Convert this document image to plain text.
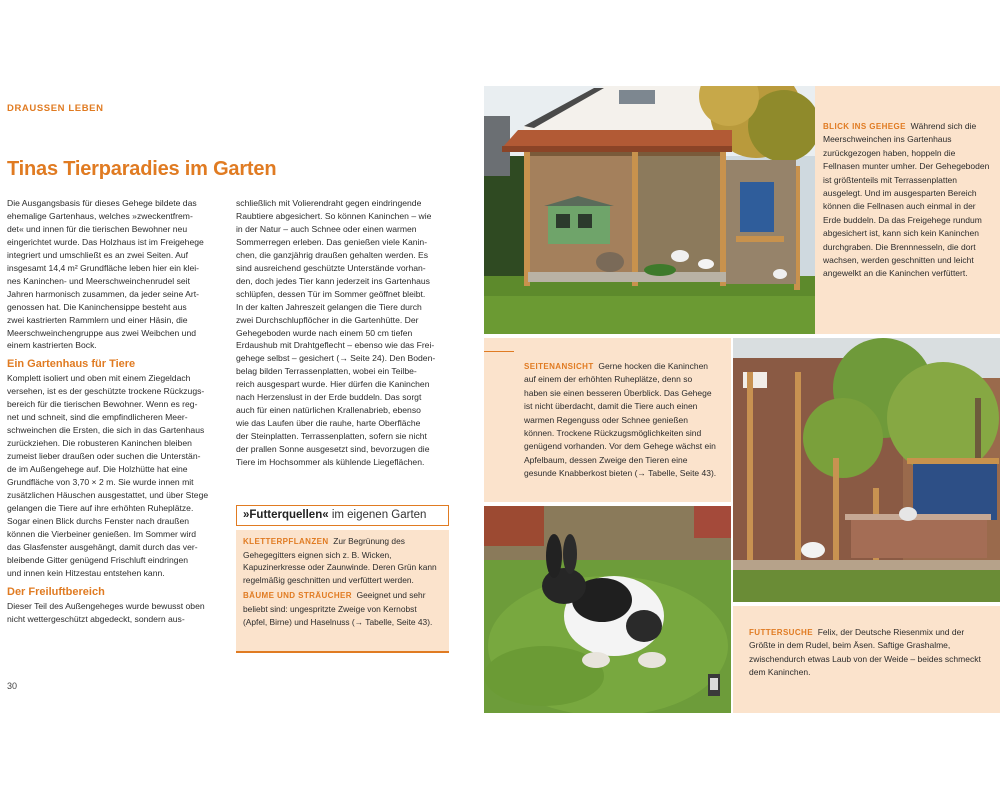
DRAUSSEN LEBEN
Tinas Tierparadies im Garten
Die Ausgangsbasis für dieses Gehege bildete das
ehemalige Gartenhaus, welches »zweckentfrem-
det« und innen für die tierischen Bewohner neu
eingerichtet wurde. Das Holzhaus ist im Freigehege
integriert und umschließt es an zwei Seiten. Auf
insgesamt 14,4 m² Grundfläche leben hier ein klei-
nes Kaninchen- und Meerschweinchenrudel seit
Jahren harmonisch zusammen, da jeder seine Art-
genossen hat. Die Kaninchensippe besteht aus
zwei kastrierten Rammlern und einer Häsin, die
Meerschweinchengruppe aus zwei Weibchen und
einem kastrierten Bock.
Ein Gartenhaus für Tiere
Komplett isoliert und oben mit einem Ziegeldach
versehen, ist es der geschützte trockene Rückzugs-
bereich für die tierischen Bewohner. Wenn es reg-
net und schneit, sind die empfindlicheren Meer-
schweinchen die Ersten, die sich in das Gartenhaus
zurückziehen. Die robusteren Kaninchen bleiben
zumeist lieber draußen oder suchen die Unterstän-
de im Außengehege auf. Die Holzhütte hat eine
Grundfläche von 3,70 × 2 m. Sie wurde innen mit
zusätzlichen Häuschen ausgestattet, und über Stege
gelangen die Tiere auf ihre erhöhten Ruheplätze.
Sogar einen Blick durchs Fenster nach draußen
können die Vierbeiner genießen. Im Sommer wird
das Glasfenster ausgehängt, damit durch das ver-
bleibende Gitter genügend Frischluft eindringen
und innen kein Hitzestau entstehen kann.
Der Freiluftbereich
Dieser Teil des Außengeheges wurde bewusst oben
nicht wettergeschützt abgedeckt, sondern aus-
schließlich mit Volierendraht gegen eindringende
Raubtiere abgesichert. So können Kaninchen – wie
in der Natur – auch Schnee oder einen warmen
Sommerregen erleben. Das genießen viele Kanin-
chen, die ganzjährig draußen gehalten werden. Es
sind ausreichend geschützte Unterstände vorhan-
den, doch jedes Tier kann jederzeit ins Gartenhaus
schlüpfen, dessen Tür im Sommer geöffnet bleibt.
In der kalten Jahreszeit gelangen die Tiere durch
zwei Durchschlupflöcher in die Gartenhütte. Der
Gehegeboden wurde nach einem 50 cm tiefen
Erdaushub mit Drahtgeflecht – ebenso wie das Frei-
gehege selbst – gesichert (→ Seite 24). Den Boden-
belag bilden Terrassenplatten, wobei ein Teilbe-
reich ausgespart wurde. Hier dürfen die Kaninchen
nach Herzenslust in der Erde buddeln. Das sorgt
auch für einen natürlichen Krallenabrieb, ebenso
wie das Laufen über die rauhe, harte Oberfläche
der Steinplatten. Terrassenplatten, sofern sie nicht
der prallen Sonne ausgesetzt sind, bevorzugen die
Tiere im Hochsommer als kühlende Liegeflächen.
»Futterquellen« im eigenen Garten

KLETTERPFLANZEN Zur Begrünung des Gehegegitters eignen sich z. B. Wicken, Kapuzinerkresse oder Zaunwinde. Deren Grün kann regelmäßig geschnitten und verfüttert werden.

BÄUME UND STRÄUCHER Geeignet und sehr beliebt sind: ungespritzte Zweige von Kernobst (Apfel, Birne) und Haselnuss (→ Tabelle, Seite 43).

30
BLICK INS GEHEGE Während sich die Meerschweinchen ins Gartenhaus zurückgezogen haben, hoppeln die Fellnasen munter umher. Der Gehegeboden ist größtenteils mit Terrassenplatten ausgelegt. Und im ausgesparten Bereich können die Fellnasen auch einmal in der Erde buddeln. Da das Freigehege rundum abgesichert ist, kann sich kein Kaninchen durchgraben. Die Brennnesseln, die dort wachsen, werden geschnitten und leicht angewelkt an die Kaninchen verfüttert.
SEITENANSICHT Gerne hocken die Kaninchen auf einem der erhöhten Ruheplätze, denn so haben sie einen besseren Überblick. Das Gehege ist nicht überdacht, damit die Tiere auch einen warmen Regenguss oder Schnee genießen können. Trockene Rückzugsmöglichkeiten sind genügend vorhanden. Vor dem Gehege wächst ein Apfelbaum, dessen Zweige den Tieren eine gesunde Knabberkost bieten (→ Tabelle, Seite 43).
FUTTERSUCHE Felix, der Deutsche Riesenmix und der Größte in dem Rudel, beim Äsen. Saftige Grashalme, zwischendurch etwas Laub von der Weide – beides schmeckt dem Kaninchen.
